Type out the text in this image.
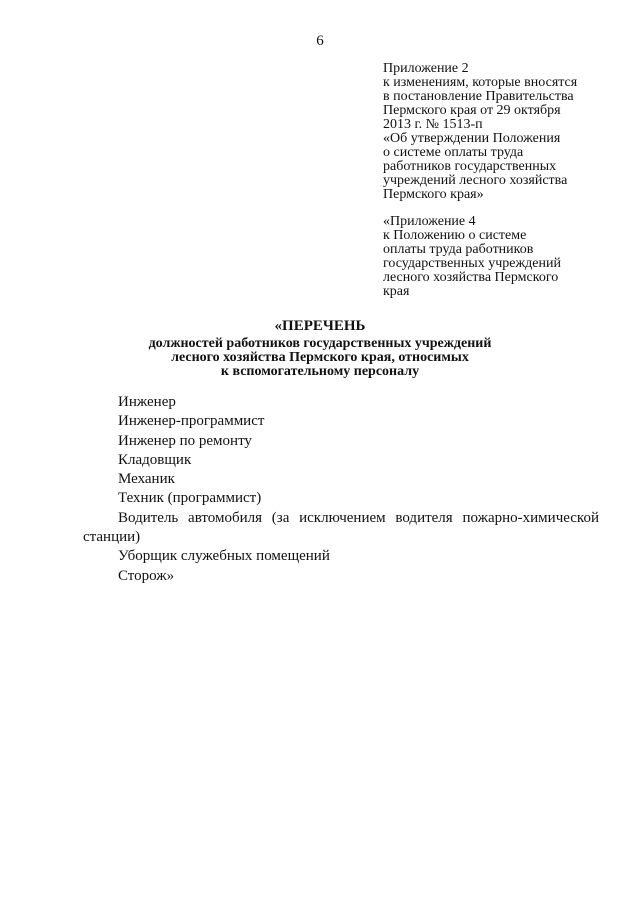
6
Приложение 2
к изменениям, которые вносятся
в постановление Правительства
Пермского края от 29 октября
2013 г. № 1513-п
«Об утверждении Положения
о системе оплаты труда
работников государственных
учреждений лесного хозяйства
Пермского края»
«Приложение 4
к Положению о системе
оплаты труда работников
государственных учреждений
лесного хозяйства Пермского
края
«ПЕРЕЧЕНЬ
должностей работников государственных учреждений
лесного хозяйства Пермского края, относимых
к вспомогательному персоналу
Инженер
Инженер-программист
Инженер по ремонту
Кладовщик
Механик
Техник (программист)
Водитель автомобиля (за исключением водителя пожарно-химической станции)
Уборщик служебных помещений
Сторож»
